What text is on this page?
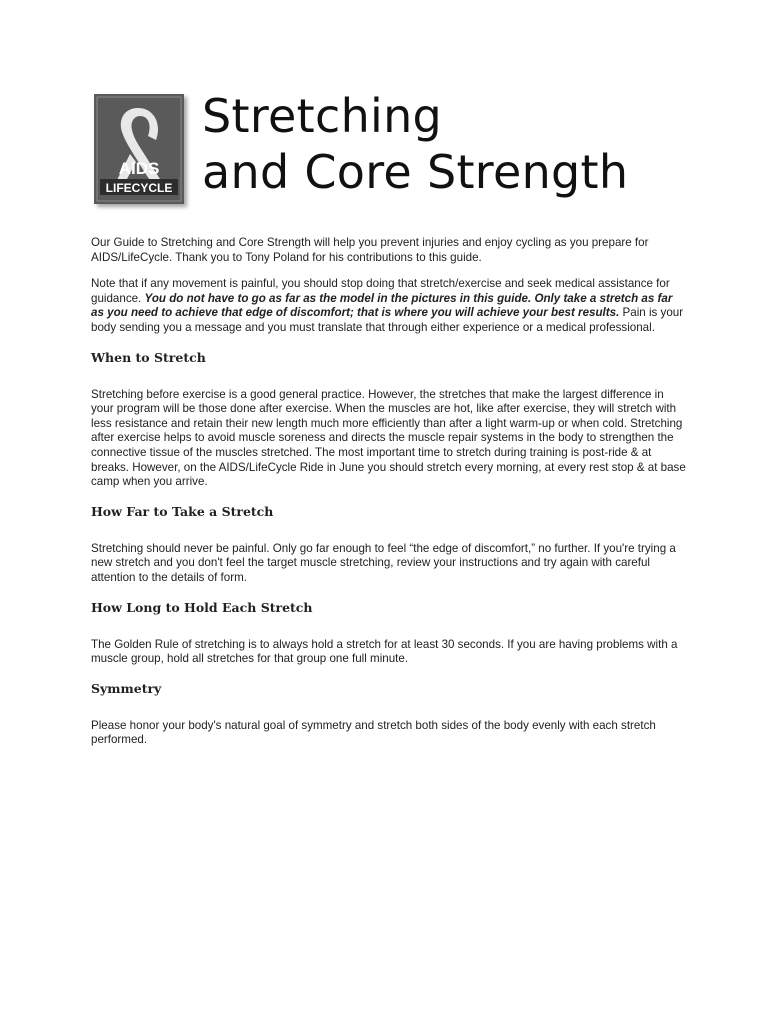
AIDS
LIFECYCLE
Stretching
and Core Strength

Our Guide to Stretching and Core Strength will help you prevent injuries and enjoy cycling as you prepare for AIDS/LifeCycle. Thank you to Tony Poland for his contributions to this guide.

Note that if any movement is painful, you should stop doing that stretch/exercise and seek medical assistance for guidance. You do not have to go as far as the model in the pictures in this guide. Only take a stretch as far as you need to achieve that edge of discomfort; that is where you will achieve your best results. Pain is your body sending you a message and you must translate that through either experience or a medical professional.

When to Stretch

Stretching before exercise is a good general practice. However, the stretches that make the largest difference in your program will be those done after exercise. When the muscles are hot, like after exercise, they will stretch with less resistance and retain their new length much more efficiently than after a light warm-up or when cold. Stretching after exercise helps to avoid muscle soreness and directs the muscle repair systems in the body to strengthen the connective tissue of the muscles stretched. The most important time to stretch during training is post-ride & at breaks. However, on the AIDS/LifeCycle Ride in June you should stretch every morning, at every rest stop & at base camp when you arrive.

How Far to Take a Stretch

Stretching should never be painful. Only go far enough to feel “the edge of discomfort,” no further. If you're trying a new stretch and you don't feel the target muscle stretching, review your instructions and try again with careful attention to the details of form.

How Long to Hold Each Stretch

The Golden Rule of stretching is to always hold a stretch for at least 30 seconds. If you are having problems with a muscle group, hold all stretches for that group one full minute.

Symmetry

Please honor your body's natural goal of symmetry and stretch both sides of the body evenly with each stretch performed.
